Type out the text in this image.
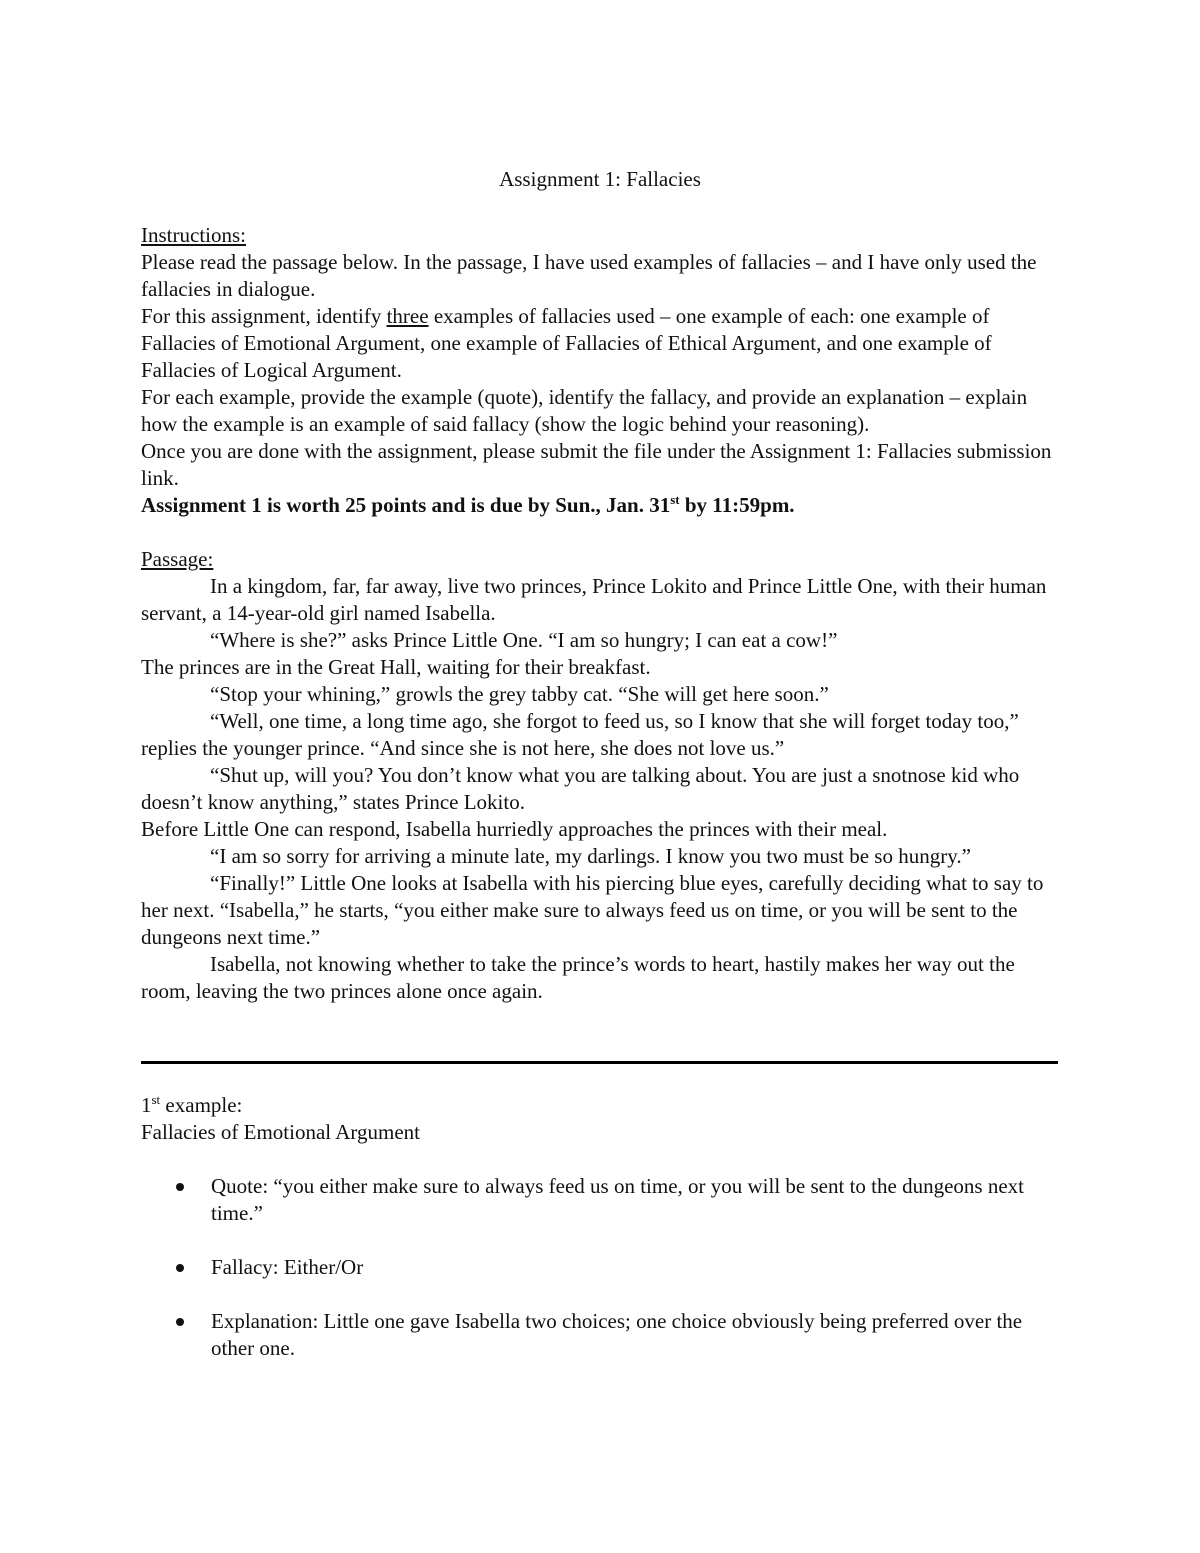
Assignment 1: Fallacies

Instructions:

Please read the passage below. In the passage, I have used examples of fallacies – and I have only used the fallacies in dialogue.

For this assignment, identify three examples of fallacies used – one example of each: one example of Fallacies of Emotional Argument, one example of Fallacies of Ethical Argument, and one example of Fallacies of Logical Argument.

For each example, provide the example (quote), identify the fallacy, and provide an explanation – explain how the example is an example of said fallacy (show the logic behind your reasoning).

Once you are done with the assignment, please submit the file under the Assignment 1: Fallacies submission link.

Assignment 1 is worth 25 points and is due by Sun., Jan. 31st by 11:59pm.

Passage:

In a kingdom, far, far away, live two princes, Prince Lokito and Prince Little One, with their human servant, a 14-year-old girl named Isabella.

“Where is she?” asks Prince Little One. “I am so hungry; I can eat a cow!”

The princes are in the Great Hall, waiting for their breakfast.

“Stop your whining,” growls the grey tabby cat. “She will get here soon.”

“Well, one time, a long time ago, she forgot to feed us, so I know that she will forget today too,” replies the younger prince. “And since she is not here, she does not love us.”

“Shut up, will you? You don’t know what you are talking about. You are just a snotnose kid who doesn’t know anything,” states Prince Lokito.

Before Little One can respond, Isabella hurriedly approaches the princes with their meal.

“I am so sorry for arriving a minute late, my darlings. I know you two must be so hungry.”

“Finally!” Little One looks at Isabella with his piercing blue eyes, carefully deciding what to say to her next. “Isabella,” he starts, “you either make sure to always feed us on time, or you will be sent to the dungeons next time.”

Isabella, not knowing whether to take the prince’s words to heart, hastily makes her way out the room, leaving the two princes alone once again.

1st example:

Fallacies of Emotional Argument

Quote: “you either make sure to always feed us on time, or you will be sent to the dungeons next time.”
Fallacy: Either/Or
Explanation: Little one gave Isabella two choices; one choice obviously being preferred over the other one.
